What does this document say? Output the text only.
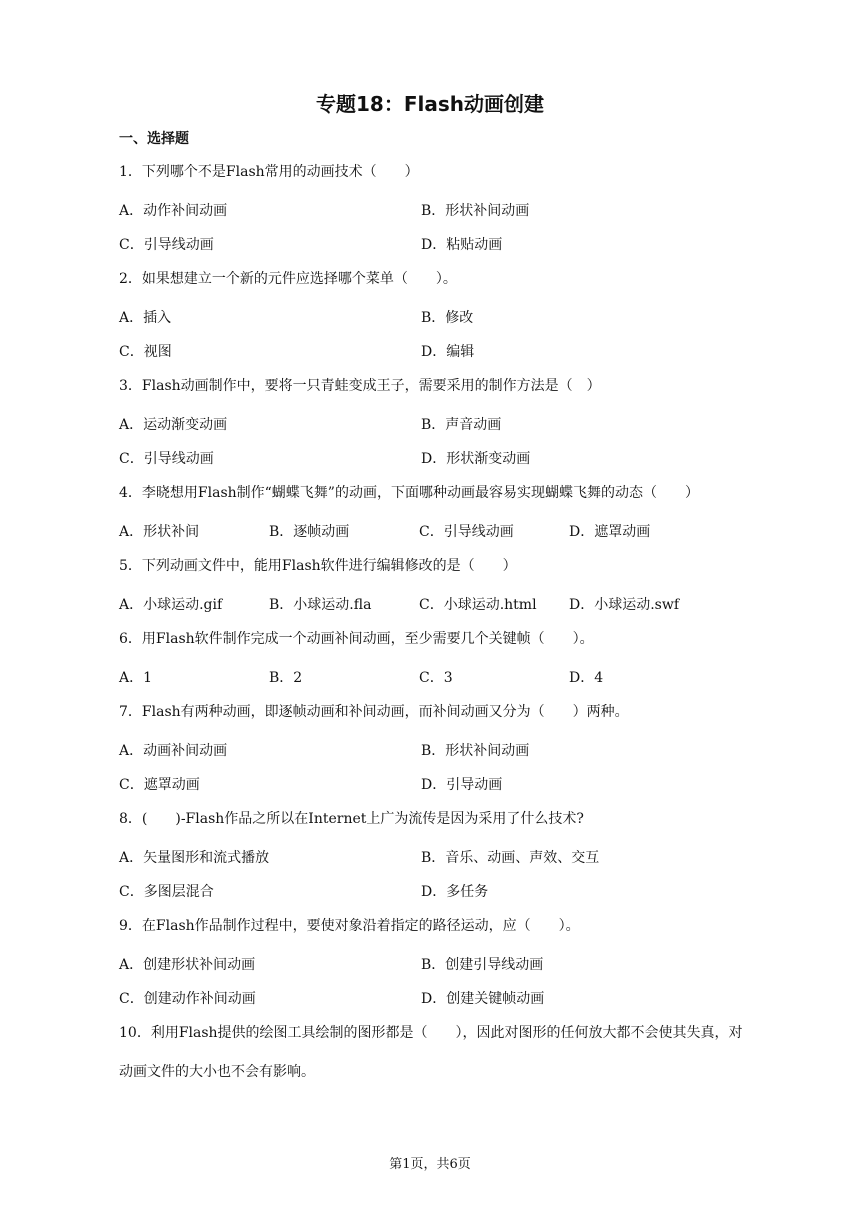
专题18：Flash动画创建
一、选择题
1．下列哪个不是Flash常用的动画技术（　　）
A．动作补间动画	B．形状补间动画
C．引导线动画	D．粘贴动画
2．如果想建立一个新的元件应选择哪个菜单（　　）。
A．插入	B．修改
C．视图	D．编辑
3．Flash动画制作中，要将一只青蛙变成王子，需要采用的制作方法是（　）
A．运动渐变动画	B．声音动画
C．引导线动画	D．形状渐变动画
4．李晓想用Flash制作“蝴蝶飞舞”的动画，下面哪种动画最容易实现蝴蝶飞舞的动态（　　）
A．形状补间	B．逐帧动画	C．引导线动画	D．遮罩动画
5．下列动画文件中，能用Flash软件进行编辑修改的是（　　）
A．小球运动.gif	B．小球运动.fla	C．小球运动.html	D．小球运动.swf
6．用Flash软件制作完成一个动画补间动画，至少需要几个关键帧（　　）。
A．1	B．2	C．3	D．4
7．Flash有两种动画，即逐帧动画和补间动画，而补间动画又分为（　　）两种。
A．动画补间动画	B．形状补间动画
C．遮罩动画	D．引导动画
8．(　　)-Flash作品之所以在Internet上广为流传是因为采用了什么技术?
A．矢量图形和流式播放	B．音乐、动画、声效、交互
C．多图层混合	D．多任务
9．在Flash作品制作过程中，要使对象沿着指定的路径运动，应（　　）。
A．创建形状补间动画	B．创建引导线动画
C．创建动作补间动画	D．创建关键帧动画
10．利用Flash提供的绘图工具绘制的图形都是（　　），因此对图形的任何放大都不会使其失真，对动画文件的大小也不会有影响。
第1页，共6页
